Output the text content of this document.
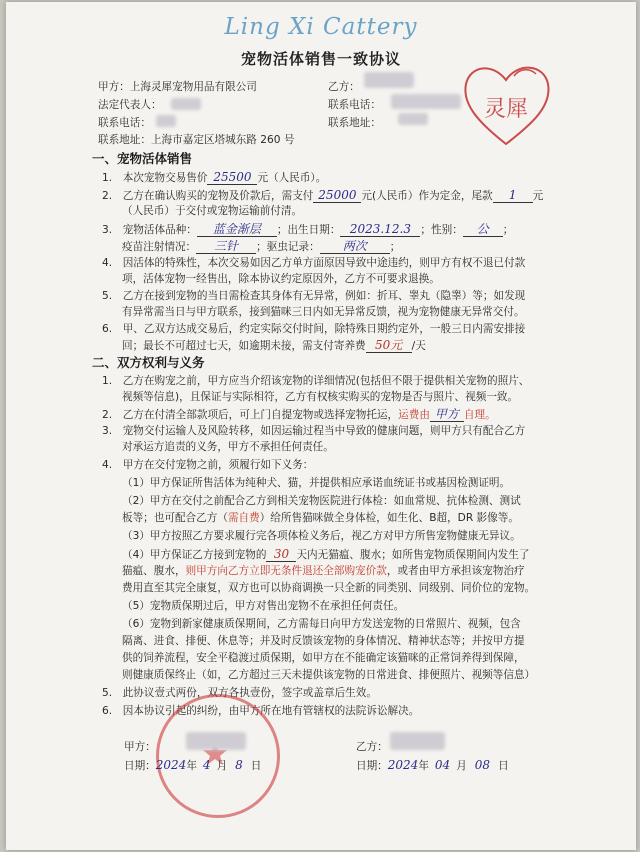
Ling Xi Cattery
宠物活体销售一致协议
灵犀
甲方：上海灵犀宠物用品有限公司
法定代表人：
联系电话：
联系地址：上海市嘉定区塔城东路 260 号
乙方：
联系电话：
联系地址：
一、宠物活体销售
1.　本次宠物交易售价 25500 元（人民币）。
2.　乙方在确认购买的宠物及价款后，需支付 25000 元(人民币）作为定金，尾款 1 元
（人民币）于交付或宠物运输前付清。
3.　宠物活体品种： 蓝金渐层 ；出生日期： 2023.12.3 ；性别： 公 ；
疫苗注射情况： 三针 ；驱虫记录： 两次 ；
4.　因活体的特殊性，本次交易如因乙方单方面原因导致中途违约，则甲方有权不退已付款
项，活体宠物一经售出，除本协议约定原因外，乙方不可要求退换。
5.　乙方在接到宠物的当日需检查其身体有无异常，例如：折耳、睾丸（隐睾）等；如发现
有异常需当日与甲方联系，接到猫咪三日内如无异常反馈，视为宠物健康无异常交付。
6.　甲、乙双方达成交易后，约定实际交付时间，除特殊日期约定外，一般三日内需安排接
回；最长不可超过七天，如逾期未接，需支付寄养费 50元 /天
二、双方权利与义务
1.　乙方在购宠之前，甲方应当介绍该宠物的详细情况(包括但不限于提供相关宠物的照片、
视频等信息)，且保证与实际相符，乙方有权核实购买的宠物是否与照片、视频一致。
2.　乙方在付清全部款项后，可上门自提宠物或选择宠物托运，运费由 甲方 自理。
3.　宠物交付运输人及风险转移，如因运输过程当中导致的健康问题，则甲方只有配合乙方
对承运方追责的义务，甲方不承担任何责任。
4.　甲方在交付宠物之前，须履行如下义务：
（1）甲方保证所售活体为纯种犬、猫，并提供相应承诺血统证书或基因检测证明。
（2）甲方在交付之前配合乙方到相关宠物医院进行体检：如血常规、抗体检测、测试
板等；也可配合乙方（需自费）给所售猫咪做全身体检，如生化、B超，DR 影像等。
（3）甲方按照乙方要求履行完各项体检义务后，视乙方对甲方所售宠物健康无异议。
（4）甲方保证乙方接到宠物的 30 天内无猫瘟、腹水；如所售宠物质保期间内发生了
猫瘟、腹水，则甲方向乙方立即无条件退还全部购宠价款，或者由甲方承担该宠物治疗
费用直至其完全康复，双方也可以协商调换一只全新的同类别、同级别、同价位的宠物。
（5）宠物质保期过后，甲方对售出宠物不在承担任何责任。
（6）宠物到新家健康质保期间，乙方需每日向甲方发送宠物的日常照片、视频，包含
隔离、进食、排便、休息等；并及时反馈该宠物的身体情况、精神状态等；并按甲方提
供的饲养流程，安全平稳渡过质保期，如甲方在不能确定该猫咪的正常饲养得到保障，
则健康质保终止（如，乙方超过三天未提供该宠物的日常进食、排便照片、视频等信息）
5.　此协议壹式两份，双方各执壹份，签字或盖章后生效。
6.　因本协议引起的纠纷，由甲方所在地有管辖权的法院诉讼解决。
甲方：	乙方：
日期：2024年 4 月 8 日	日期：2024年 04 月 08 日
